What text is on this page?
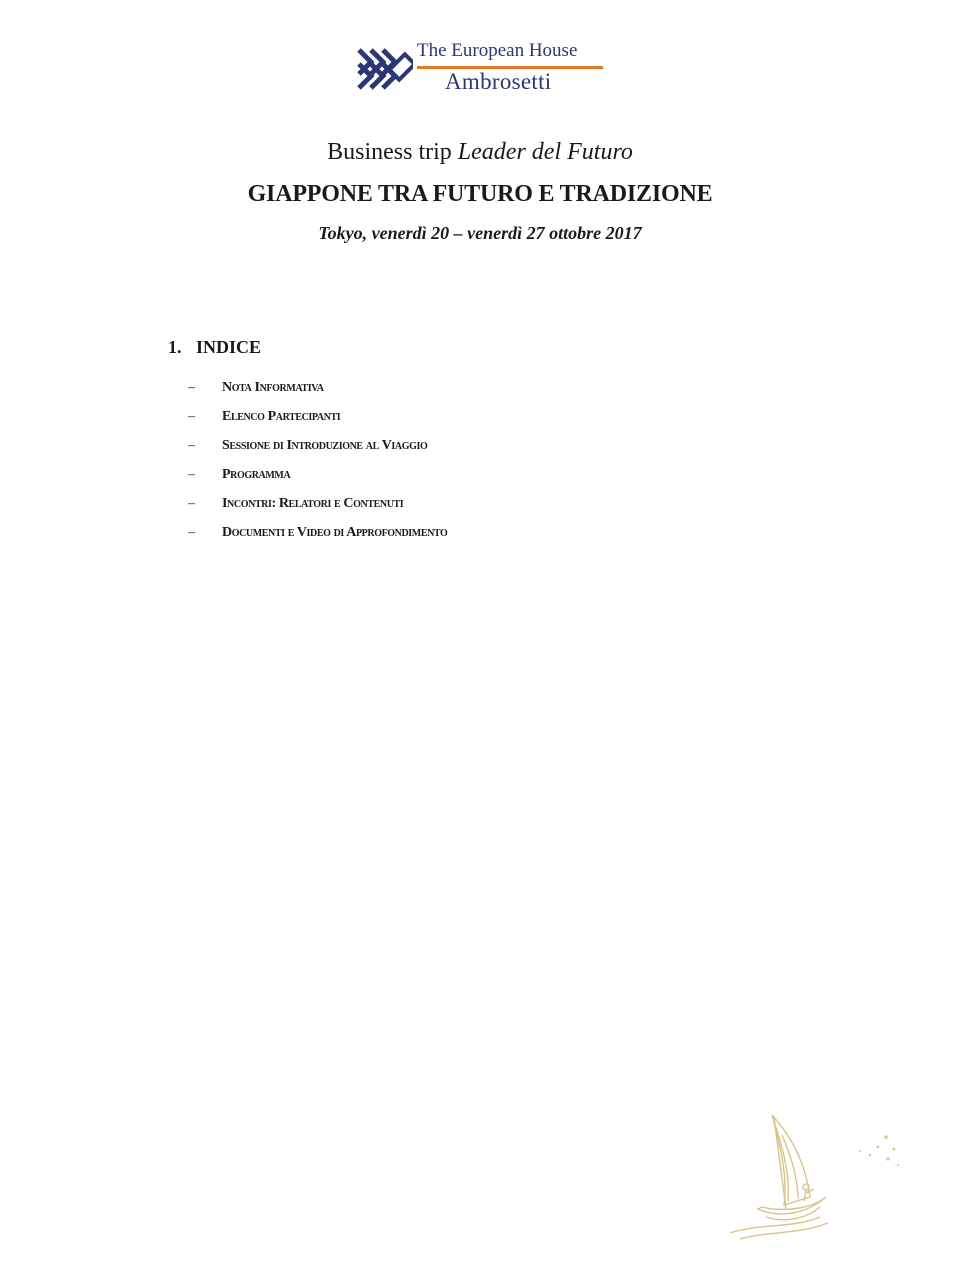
The European House
Ambrosetti
Business trip Leader del Futuro
GIAPPONE TRA FUTURO E TRADIZIONE
Tokyo, venerdì 20 – venerdì 27 ottobre 2017
1. INDICE
–	Nota Informativa
–	Elenco Partecipanti
–	Sessione di Introduzione al Viaggio
–	Programma
–	Incontri: Relatori e Contenuti
–	Documenti e Video di Approfondimento
